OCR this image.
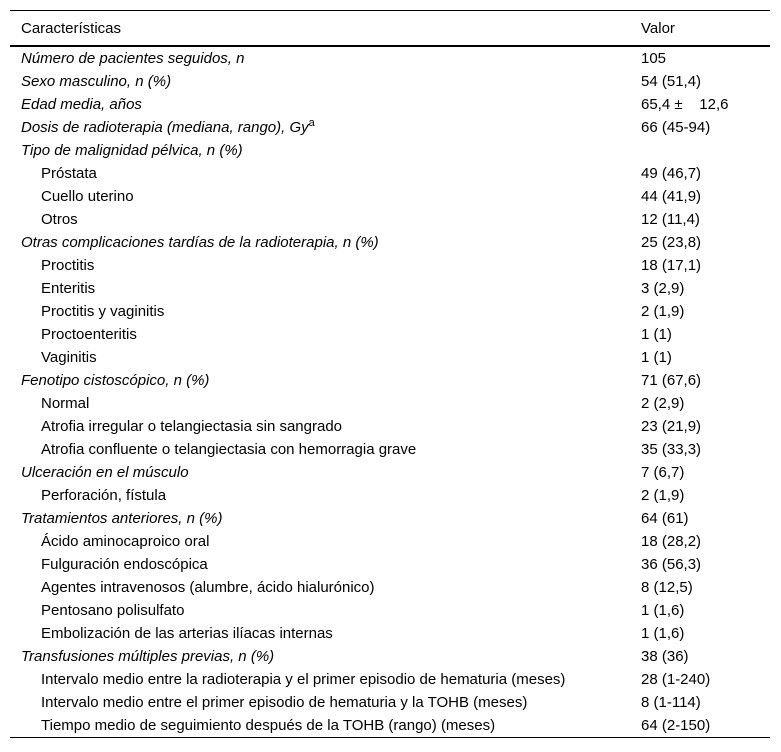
Características	Valor
Número de pacientes seguidos, n	105
Sexo masculino, n (%)	54 (51,4)
Edad media, años	65,4 ±    12,6
Dosis de radioterapia (mediana, rango), Gy$^a$	66 (45-94)
Tipo de malignidad pélvica, n (%)
Próstata	49 (46,7)
Cuello uterino	44 (41,9)
Otros	12 (11,4)
Otras complicaciones tardías de la radioterapia, n (%)	25 (23,8)
Proctitis	18 (17,1)
Enteritis	3 (2,9)
Proctitis y vaginitis	2 (1,9)
Proctoenteritis	1 (1)
Vaginitis	1 (1)
Fenotipo cistoscópico, n (%)	71 (67,6)
Normal	2 (2,9)
Atrofia irregular o telangiectasia sin sangrado	23 (21,9)
Atrofia confluente o telangiectasia con hemorragia grave	35 (33,3)
Ulceración en el músculo	7 (6,7)
Perforación, fístula	2 (1,9)
Tratamientos anteriores, n (%)	64 (61)
Ácido aminocaproico oral	18 (28,2)
Fulguración endoscópica	36 (56,3)
Agentes intravenosos (alumbre, ácido hialurónico)	8 (12,5)
Pentosano polisulfato	1 (1,6)
Embolización de las arterias ilíacas internas	1 (1,6)
Transfusiones múltiples previas, n (%)	38 (36)
Intervalo medio entre la radioterapia y el primer episodio de hematuria (meses)	28 (1-240)
Intervalo medio entre el primer episodio de hematuria y la TOHB (meses)	8 (1-114)
Tiempo medio de seguimiento después de la TOHB (rango) (meses)	64 (2-150)
